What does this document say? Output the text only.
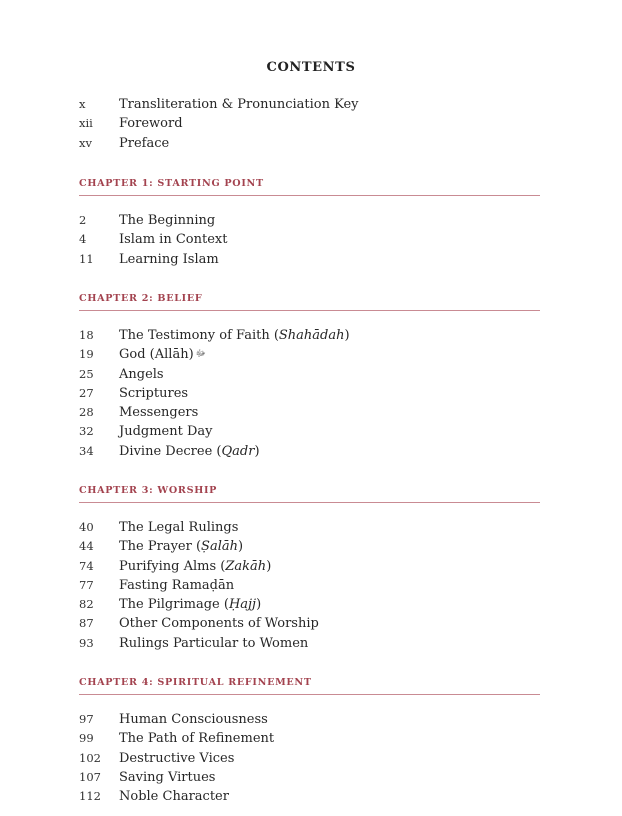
CONTENTS
x	Transliteration & Pronunciation Key
xii Foreword
xv Preface
CHAPTER 1: STARTING POINT
2	The Beginning
4	Islam in Context
11 Learning Islam
CHAPTER 2: BELIEF
18 The Testimony of Faith (Shahādah)
19 God (Allāh) ﷻ
25 Angels
27 Scriptures
28 Messengers
32 Judgment Day
34 Divine Decree (Qadr)
CHAPTER 3: WORSHIP
40 The Legal Rulings
44 The Prayer (Ṣalāh)
74 Purifying Alms (Zakāh)
77 Fasting Ramaḍān
82 The Pilgrimage (Ḥajj)
87 Other Components of Worship
93 Rulings Particular to Women
CHAPTER 4: SPIRITUAL REFINEMENT
97 Human Consciousness
99 The Path of Refinement
102 Destructive Vices
107 Saving Virtues
112 Noble Character
